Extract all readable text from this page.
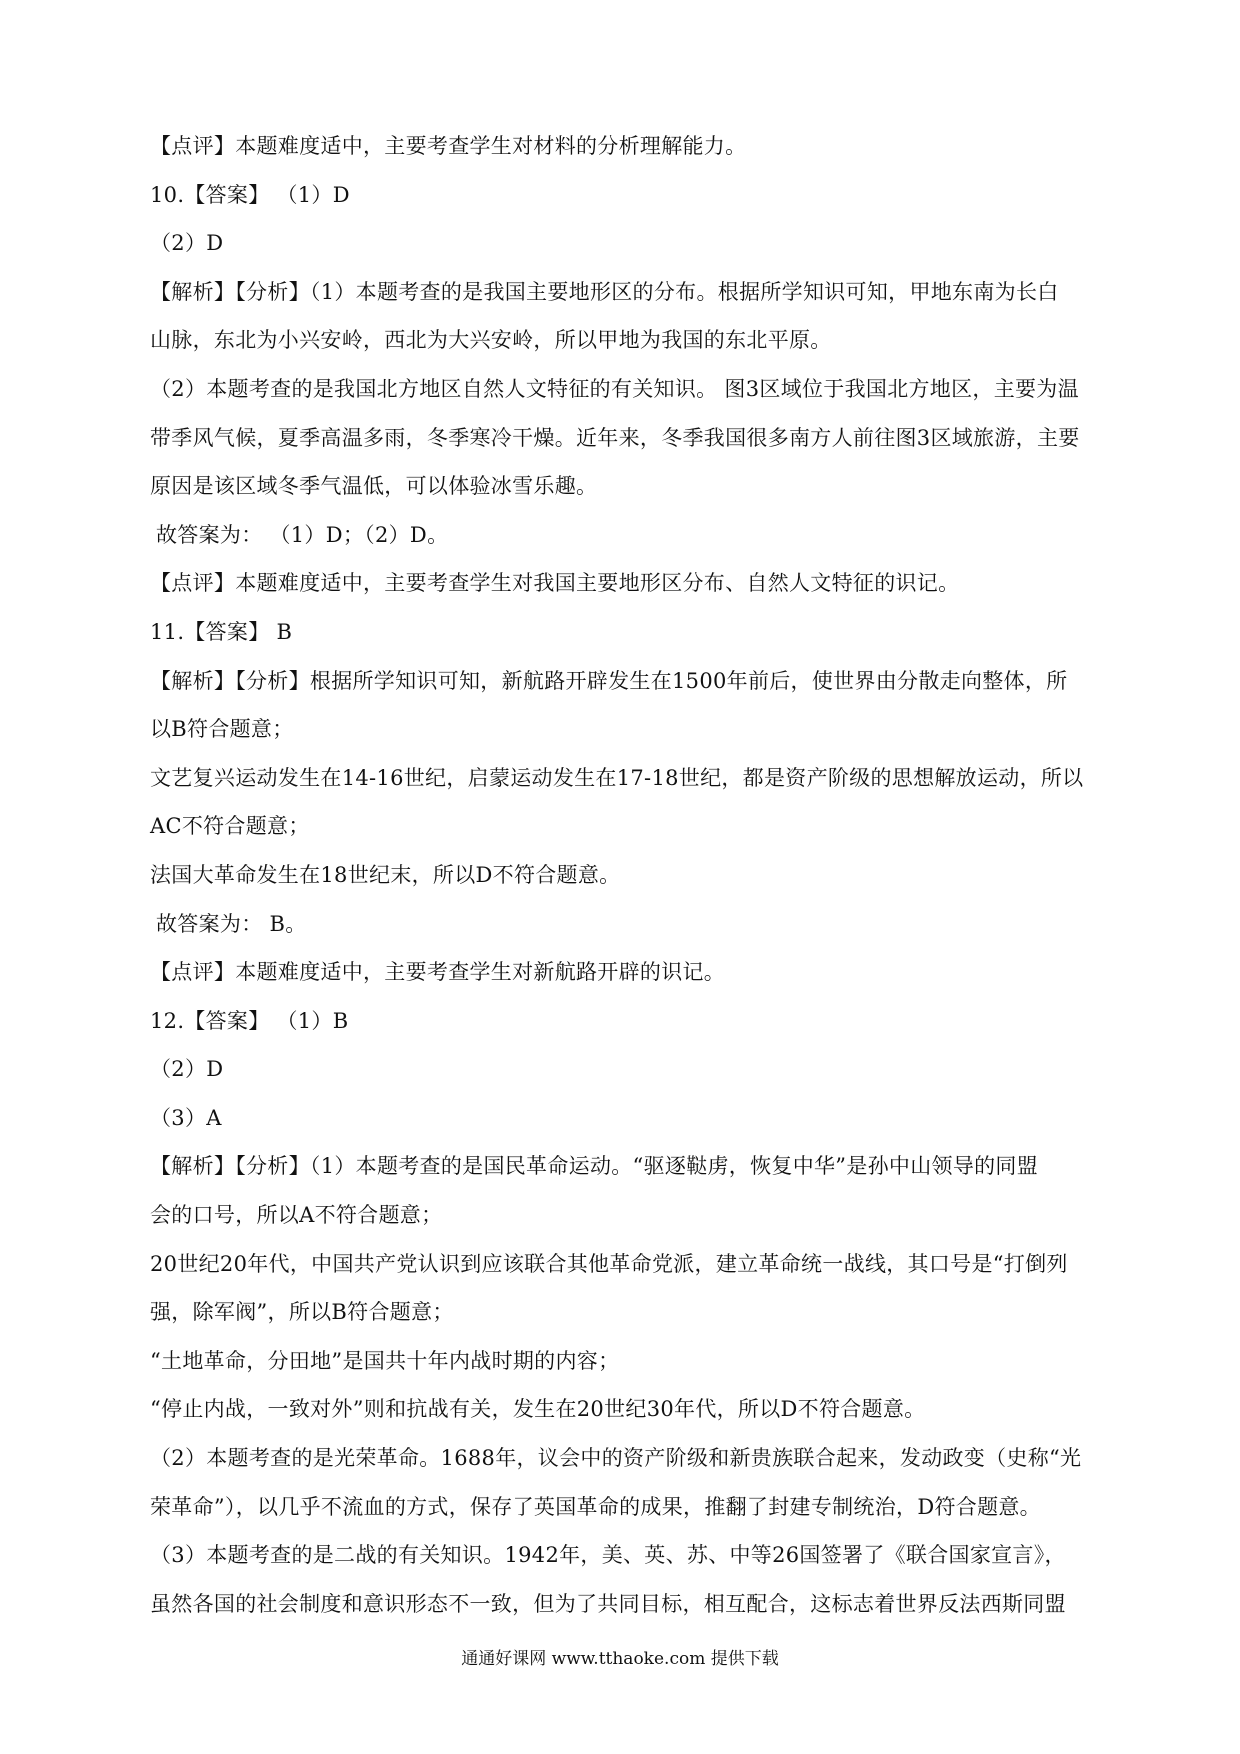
【点评】本题难度适中，主要考查学生对材料的分析理解能力。

10.【答案】 （1）D

（2）D

【解析】【分析】（1）本题考查的是我国主要地形区的分布。根据所学知识可知，甲地东南为长白

山脉，东北为小兴安岭，西北为大兴安岭，所以甲地为我国的东北平原。

（2）本题考查的是我国北方地区自然人文特征的有关知识。 图3区域位于我国北方地区，主要为温

带季风气候，夏季高温多雨，冬季寒冷干燥。近年来，冬季我国很多南方人前往图3区域旅游，主要

原因是该区域冬季气温低，可以体验冰雪乐趣。

故答案为： （1）D；（2）D。

【点评】本题难度适中，主要考查学生对我国主要地形区分布、自然人文特征的识记。

11.【答案】 B

【解析】【分析】根据所学知识可知，新航路开辟发生在1500年前后，使世界由分散走向整体，所

以B符合题意；

文艺复兴运动发生在14-16世纪，启蒙运动发生在17-18世纪，都是资产阶级的思想解放运动，所以

AC不符合题意；

法国大革命发生在18世纪末，所以D不符合题意。

故答案为： B。

【点评】本题难度适中，主要考查学生对新航路开辟的识记。

12.【答案】 （1）B

（2）D

（3）A

【解析】【分析】（1）本题考查的是国民革命运动。“驱逐鞑虏，恢复中华”是孙中山领导的同盟

会的口号，所以A不符合题意；

20世纪20年代，中国共产党认识到应该联合其他革命党派，建立革命统一战线，其口号是“打倒列

强，除军阀”，所以B符合题意；

“土地革命，分田地”是国共十年内战时期的内容；

“停止内战，一致对外”则和抗战有关，发生在20世纪30年代，所以D不符合题意。

（2）本题考查的是光荣革命。1688年，议会中的资产阶级和新贵族联合起来，发动政变（史称“光

荣革命”），以几乎不流血的方式，保存了英国革命的成果，推翻了封建专制统治，D符合题意。

（3）本题考查的是二战的有关知识。1942年，美、英、苏、中等26国签署了《联合国家宣言》，

虽然各国的社会制度和意识形态不一致，但为了共同目标，相互配合，这标志着世界反法西斯同盟

通通好课网 www.tthaoke.com 提供下载
